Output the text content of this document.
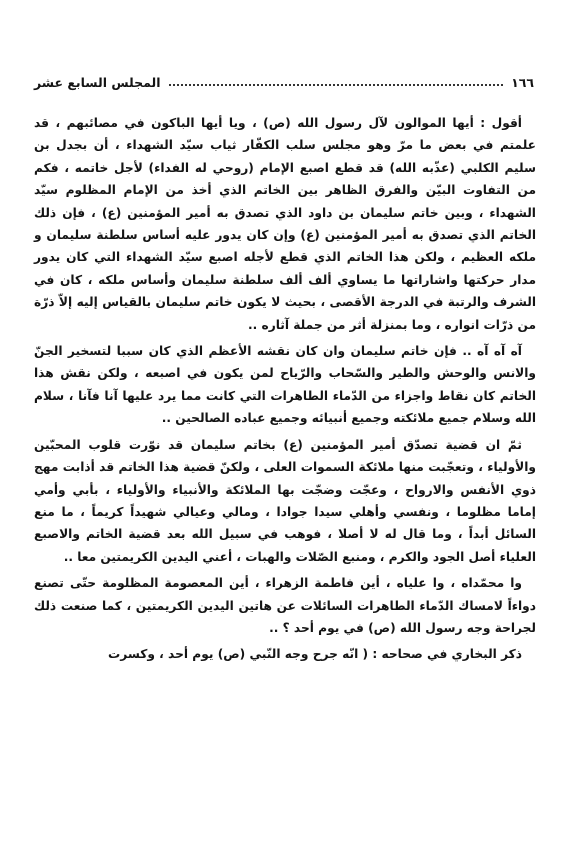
١٦٦
المجلس السابع عشر

أقول : أيها الموالون لآل رسول الله (ص) ، ويا أيها الباكون في مصائبهم ، قد علمتم في بعض ما مرّ وهو مجلس سلب الكفّار ثياب سيّد الشهداء ، أن بجدل بن سليم الكلبي (عذّبه الله) قد قطع اصبع الإمام (روحي له الفداء) لأجل خاتمه ، فكم من التفاوت البيّن والفرق الظاهر بين الخاتم الذي أخذ من الإمام المظلوم سيّد الشهداء ، وبين خاتم سليمان بن داود الذي تصدق به أمير المؤمنين (ع) ، فإن ذلك الخاتم الذي تصدق به أمير المؤمنين (ع) وإن كان يدور عليه أساس سلطنة سليمان و ملكه العظيم ، ولكن هذا الخاتم الذي قطع لأجله اصبع سيّد الشهداء التي كان يدور مدار حركتها واشاراتها ما يساوي ألف ألف سلطنة سليمان وأساس ملكه ، كان في الشرف والرتبة في الدرجة الأقصى ، بحيث لا يكون خاتم سليمان بالقياس إليه إلاّ ذرّة من ذرّات انواره ، وما بمنزلة أثر من جملة آثاره ..

آه آه آه .. فإن خاتم سليمان وان كان نقشه الأعظم الذي كان سببا لتسخير الجنّ والانس والوحش والطير والسّحاب والرّياح لمن يكون في اصبعه ، ولكن نقش هذا الخاتم كان نقاط واجزاء من الدّماء الطاهرات التي كانت مما يرد عليها آنا فآنا ، سلام الله وسلام جميع ملائكته وجميع أنبيائه وجميع عباده الصالحين ..

ثمّ ان قضية تصدّق أمير المؤمنين (ع) بخاتم سليمان قد نوّرت قلوب المحبّين والأولياء ، وتعجّبت منها ملائكة السموات العلى ، ولكنّ قضية هذا الخاتم قد أذابت مهج ذوي الأنفس والارواح ، وعجّت وضجّت بها الملائكة والأنبياء والأولياء ، بأبي وأمي إماما مظلوما ، ونفسي وأهلي سيدا جوادا ، ومالي وعيالي شهيداً كريماً ، ما منع السائل أبداً ، وما قال له لا أصلا ، فوهب في سبيل الله بعد قضية الخاتم والاصبع العلياء أصل الجود والكرم ، ومنبع الصّلات والهبات ، أعني اليدين الكريمتين معا ..

وا محمّداه ، وا علياه ، أين فاطمة الزهراء ، أين المعصومة المظلومة حتّى تصنع دواءاً لامساك الدّماء الطاهرات السائلات عن هاتين اليدين الكريمتين ، كما صنعت ذلك لجراحة وجه رسول الله (ص) في يوم أحد ؟ ..

ذكر البخاري في صحاحه : ( انّه جرح وجه النّبي (ص) يوم أحد ، وكسرت
